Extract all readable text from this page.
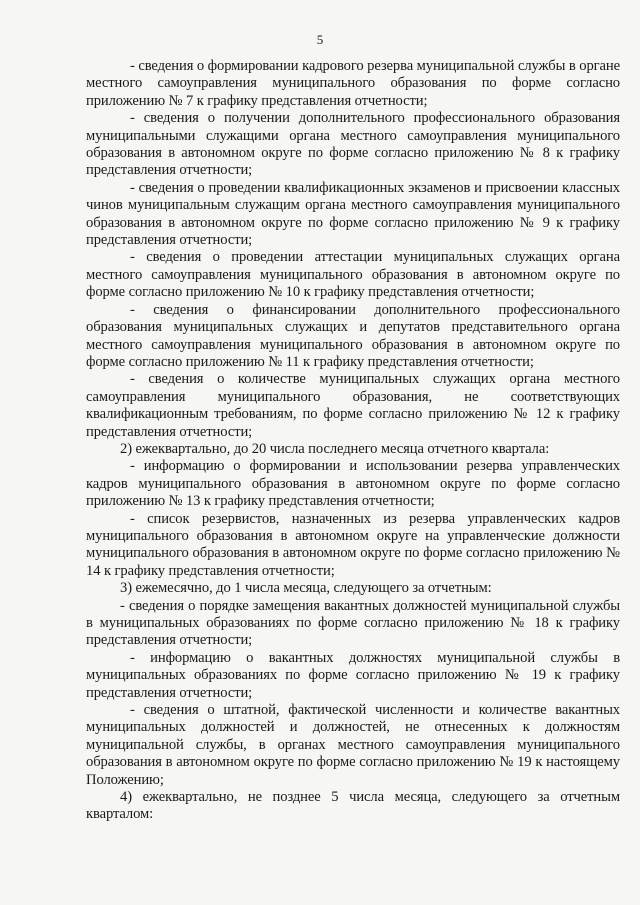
5

- сведения о формировании кадрового резерва муниципальной службы в органе местного самоуправления муниципального образования по форме согласно приложению № 7 к графику представления отчетности;

- сведения о получении дополнительного профессионального образования муниципальными служащими органа местного самоуправления муниципального образования в автономном округе по форме согласно приложению № 8 к графику представления отчетности;

- сведения о проведении квалификационных экзаменов и присвоении классных чинов муниципальным служащим органа местного самоуправления муниципального образования в автономном округе по форме согласно приложению № 9 к графику представления отчетности;

- сведения о проведении аттестации муниципальных служащих органа местного самоуправления муниципального образования в автономном округе по форме согласно приложению № 10 к графику представления отчетности;

- сведения о финансировании дополнительного профессионального образования муниципальных служащих и депутатов представительного органа местного самоуправления муниципального образования в автономном округе по форме согласно приложению № 11 к графику представления отчетности;

- сведения о количестве муниципальных служащих органа местного самоуправления муниципального образования, не соответствующих квалификационным требованиям, по форме согласно приложению № 12 к графику представления отчетности;

2) ежеквартально, до 20 числа последнего месяца отчетного квартала:

- информацию о формировании и использовании резерва управленческих кадров муниципального образования в автономном округе по форме согласно приложению № 13 к графику представления отчетности;

- список резервистов, назначенных из резерва управленческих кадров муниципального образования в автономном округе на управленческие должности муниципального образования в автономном округе по форме согласно приложению № 14 к графику представления отчетности;

3) ежемесячно, до 1 числа месяца, следующего за отчетным:

- сведения о порядке замещения вакантных должностей муниципальной службы в муниципальных образованиях по форме согласно приложению № 18 к графику представления отчетности;

- информацию о вакантных должностях муниципальной службы в муниципальных образованиях по форме согласно приложению № 19 к графику представления отчетности;

- сведения о штатной, фактической численности и количестве вакантных муниципальных должностей и должностей, не отнесенных к должностям муниципальной службы, в органах местного самоуправления муниципального образования в автономном округе по форме согласно приложению № 19 к настоящему Положению;

4) ежеквартально, не позднее 5 числа месяца, следующего за отчетным кварталом:
